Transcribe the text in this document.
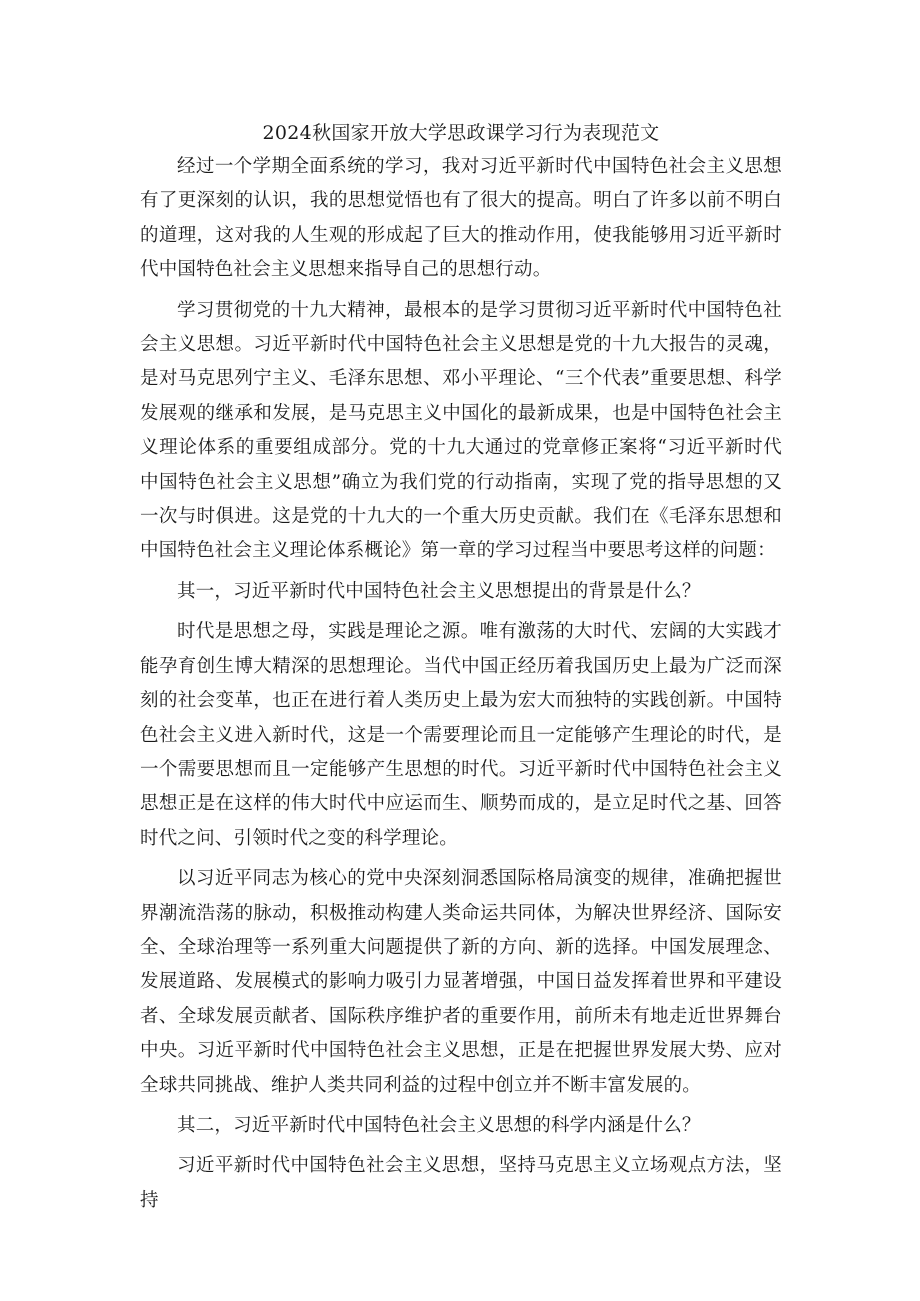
2024秋国家开放大学思政课学习行为表现范文

经过一个学期全面系统的学习，我对习近平新时代中国特色社会主义思想有了更深刻的认识，我的思想觉悟也有了很大的提高。明白了许多以前不明白的道理，这对我的人生观的形成起了巨大的推动作用，使我能够用习近平新时代中国特色社会主义思想来指导自己的思想行动。

学习贯彻党的十九大精神，最根本的是学习贯彻习近平新时代中国特色社会主义思想。习近平新时代中国特色社会主义思想是党的十九大报告的灵魂，是对马克思列宁主义、毛泽东思想、邓小平理论、“三个代表”重要思想、科学发展观的继承和发展，是马克思主义中国化的最新成果，也是中国特色社会主义理论体系的重要组成部分。党的十九大通过的党章修正案将“习近平新时代中国特色社会主义思想”确立为我们党的行动指南，实现了党的指导思想的又一次与时俱进。这是党的十九大的一个重大历史贡献。我们在《毛泽东思想和中国特色社会主义理论体系概论》第一章的学习过程当中要思考这样的问题：

其一，习近平新时代中国特色社会主义思想提出的背景是什么？

时代是思想之母，实践是理论之源。唯有激荡的大时代、宏阔的大实践才能孕育创生博大精深的思想理论。当代中国正经历着我国历史上最为广泛而深刻的社会变革，也正在进行着人类历史上最为宏大而独特的实践创新。中国特色社会主义进入新时代，这是一个需要理论而且一定能够产生理论的时代，是一个需要思想而且一定能够产生思想的时代。习近平新时代中国特色社会主义思想正是在这样的伟大时代中应运而生、顺势而成的，是立足时代之基、回答时代之问、引领时代之变的科学理论。

以习近平同志为核心的党中央深刻洞悉国际格局演变的规律，准确把握世界潮流浩荡的脉动，积极推动构建人类命运共同体，为解决世界经济、国际安全、全球治理等一系列重大问题提供了新的方向、新的选择。中国发展理念、发展道路、发展模式的影响力吸引力显著增强，中国日益发挥着世界和平建设者、全球发展贡献者、国际秩序维护者的重要作用，前所未有地走近世界舞台中央。习近平新时代中国特色社会主义思想，正是在把握世界发展大势、应对全球共同挑战、维护人类共同利益的过程中创立并不断丰富发展的。

其二，习近平新时代中国特色社会主义思想的科学内涵是什么？

习近平新时代中国特色社会主义思想，坚持马克思主义立场观点方法，坚持
